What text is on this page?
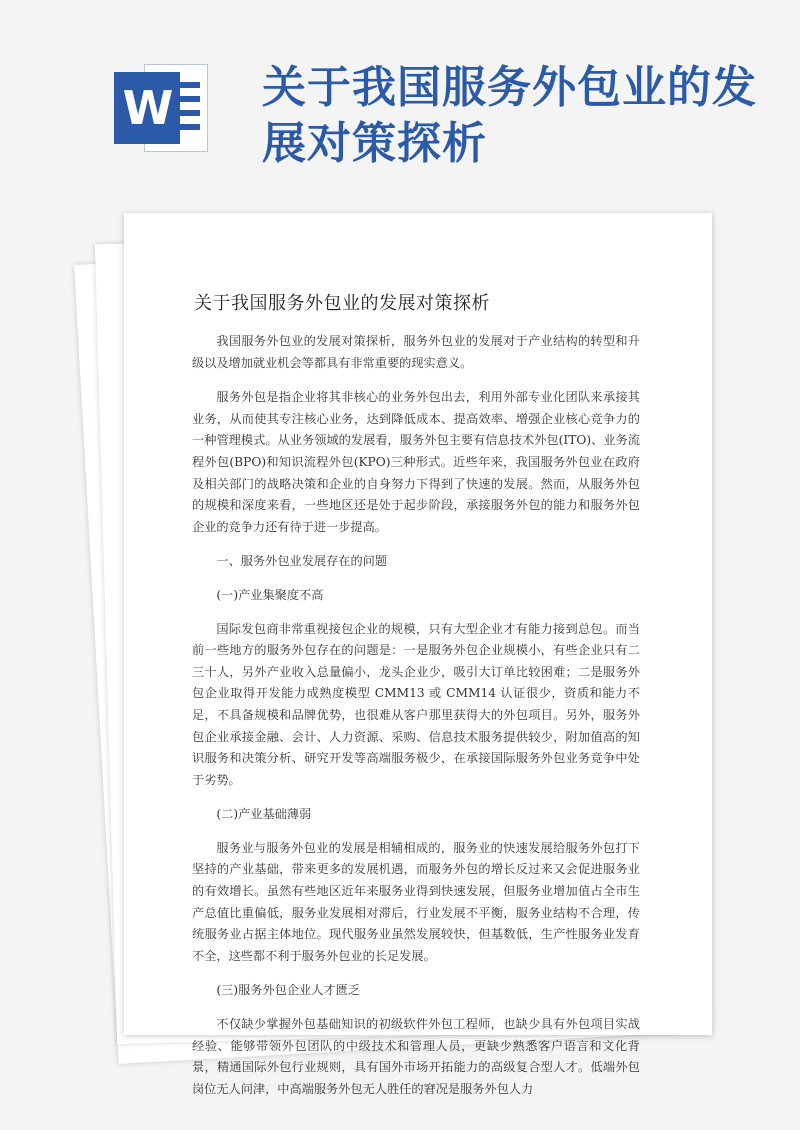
W 关于我国服务外包业的发展对策探析
关于我国服务外包业的发展对策探析

我国服务外包业的发展对策探析，服务外包业的发展对于产业结构的转型和升级以及增加就业机会等都具有非常重要的现实意义。

服务外包是指企业将其非核心的业务外包出去，利用外部专业化团队来承接其业务，从而使其专注核心业务，达到降低成本、提高效率、增强企业核心竞争力的一种管理模式。从业务领域的发展看，服务外包主要有信息技术外包(ITO)、业务流程外包(BPO)和知识流程外包(KPO)三种形式。近些年来，我国服务外包业在政府及相关部门的战略决策和企业的自身努力下得到了快速的发展。然而，从服务外包的规模和深度来看，一些地区还是处于起步阶段，承接服务外包的能力和服务外包企业的竞争力还有待于进一步提高。

一、服务外包业发展存在的问题
(一)产业集聚度不高

国际发包商非常重视接包企业的规模，只有大型企业才有能力接到总包。而当前一些地方的服务外包存在的问题是：一是服务外包企业规模小，有些企业只有二三十人，另外产业收入总量偏小，龙头企业少，吸引大订单比较困难；二是服务外包企业取得开发能力成熟度模型 CMM13 或 CMM14 认证很少，资质和能力不足，不具备规模和品牌优势，也很难从客户那里获得大的外包项目。另外，服务外包企业承接金融、会计、人力资源、采购、信息技术服务提供较少，附加值高的知识服务和决策分析、研究开发等高端服务极少，在承接国际服务外包业务竞争中处于劣势。

(二)产业基础薄弱

服务业与服务外包业的发展是相辅相成的，服务业的快速发展给服务外包打下坚持的产业基础，带来更多的发展机遇，而服务外包的增长反过来又会促进服务业的有效增长。虽然有些地区近年来服务业得到快速发展，但服务业增加值占全市生产总值比重偏低，服务业发展相对滞后，行业发展不平衡，服务业结构不合理，传统服务业占据主体地位。现代服务业虽然发展较快，但基数低，生产性服务业发育不全，这些都不利于服务外包业的长足发展。

(三)服务外包企业人才匮乏

不仅缺少掌握外包基础知识的初级软件外包工程师，也缺少具有外包项目实战经验、能够带领外包团队的中级技术和管理人员，更缺少熟悉客户语言和文化背景，精通国际外包行业规则，具有国外市场开拓能力的高级复合型人才。低端外包岗位无人问津，中高端服务外包无人胜任的窘况是服务外包人力
